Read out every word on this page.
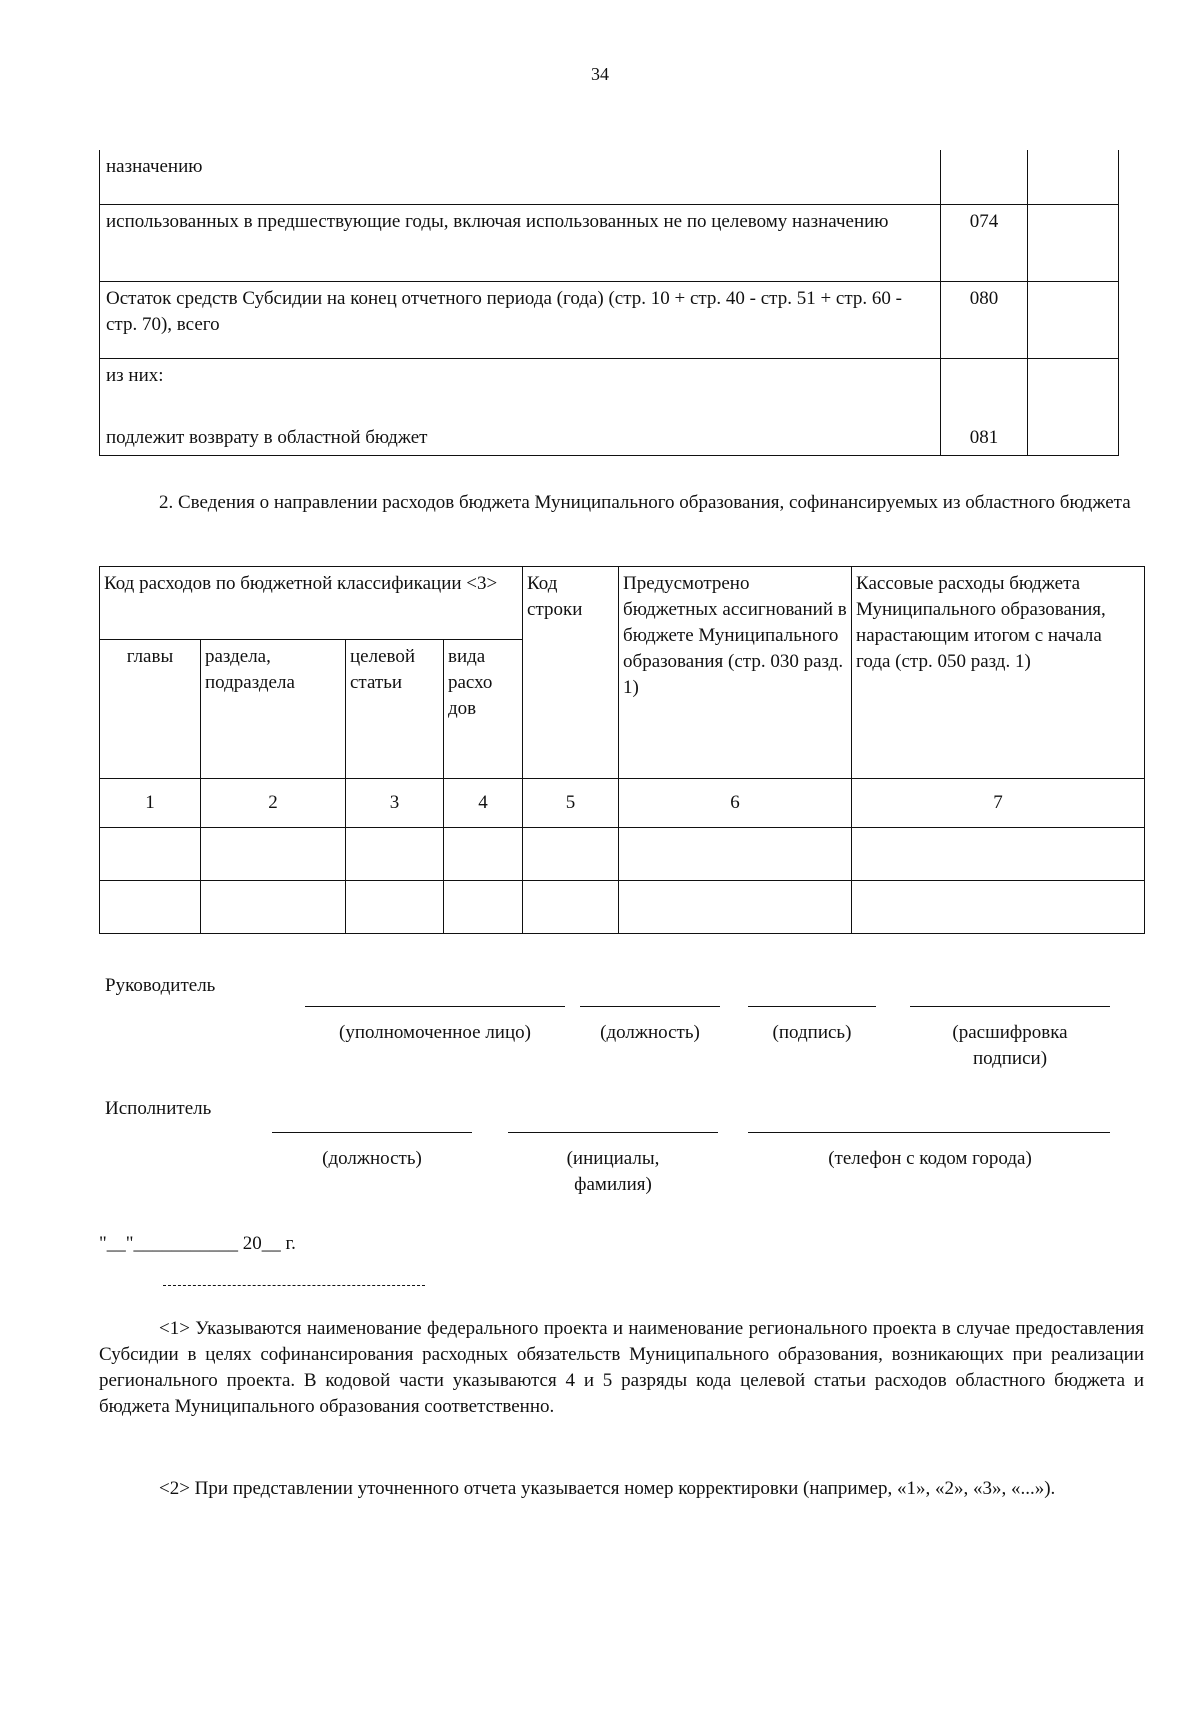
34
назначению		
использованных в предшествующие годы, включая использованных не по целевому назначению	074	
Остаток средств Субсидии на конец отчетного периода (года) (стр. 10 + стр. 40 - стр. 51 + стр. 60 - стр. 70), всего	080	

из них:
подлежит возврату в областной бюджет	081	
2. Сведения о направлении расходов бюджета Муниципального образования, софинансируемых из областного бюджета
Код расходов по бюджетной классификации <3>				Код строки	Предусмотрено бюджетных ассигнований в бюджете Муниципального образования (стр. 030 разд. 1)	Кассовые расходы бюджета Муниципального образования, нарастающим итогом с начала года (стр. 050 разд. 1)
главы	раздела, подраздела	целевой статьи	вида расхо дов			
1	2	3	4	5	6	7

Руководитель
(уполномоченное лицо)	(должность)	(подпись)	(расшифровка подписи)
Исполнитель
(должность)	(инициалы, фамилия)
(телефон с кодом города)
"__"___________ 20__ г.
<1> Указываются наименование федерального проекта и наименование регионального проекта в случае предоставления Субсидии в целях софинансирования расходных обязательств Муниципального образования, возникающих при реализации регионального проекта. В кодовой части указываются 4 и 5 разряды кода целевой статьи расходов областного бюджета и бюджета Муниципального образования соответственно.
<2> При представлении уточненного отчета указывается номер корректировки (например, «1», «2», «3», «...»).
